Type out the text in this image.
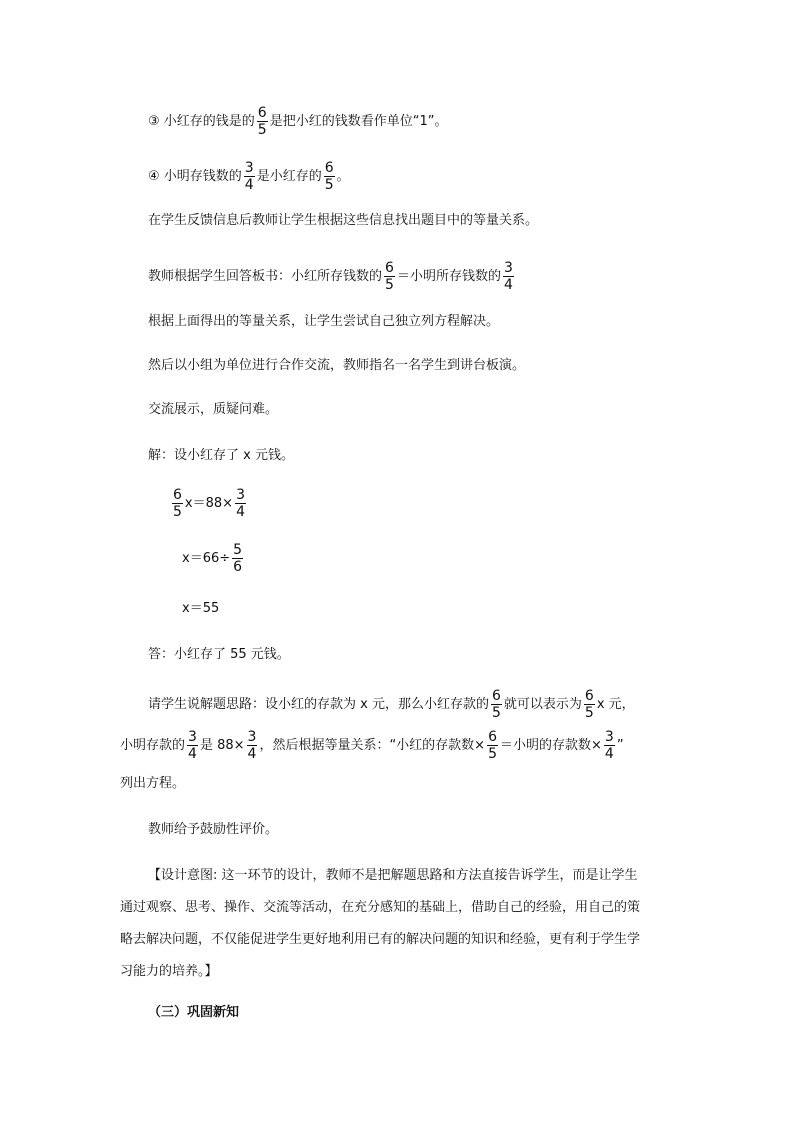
③ 小红存的钱是的 $\frac{6}{5}$ 是把小红的钱数看作单位“1”。
④ 小明存钱数的 $\frac{3}{4}$ 是小红存的 $\frac{6}{5}$ 。
在学生反馈信息后教师让学生根据这些信息找出题目中的等量关系。
教师根据学生回答板书：小红所存钱数的 $\frac{6}{5}$ ＝小明所存钱数的 $\frac{3}{4}$
根据上面得出的等量关系，让学生尝试自己独立列方程解决。
然后以小组为单位进行合作交流，教师指名一名学生到讲台板演。
交流展示，质疑问难。
解：设小红存了 x 元钱。
$\frac{6}{5} x=88\times \frac{3}{4}$
$x=66\div \frac{5}{6}$
x＝55
答：小红存了 55 元钱。
请学生说解题思路：设小红的存款为 x 元，那么小红存款的 $\frac{6}{5}$ 就可以表示为 $\frac{6}{5}$ x 元，
小明存款的 $\frac{3}{4}$ 是 $88\times \frac{3}{4}$ ，然后根据等量关系：“小红的存款数× $\frac{6}{5}$ ＝小明的存款数× $\frac{3}{4}$ ”
列出方程。
教师给予鼓励性评价。
【设计意图: 这一环节的设计，教师不是把解题思路和方法直接告诉学生，而是让学生
通过观察、思考、操作、交流等活动，在充分感知的基础上，借助自己的经验，用自己的策
略去解决问题，不仅能促进学生更好地利用已有的解决问题的知识和经验，更有利于学生学
习能力的培养。】
（三）巩固新知
